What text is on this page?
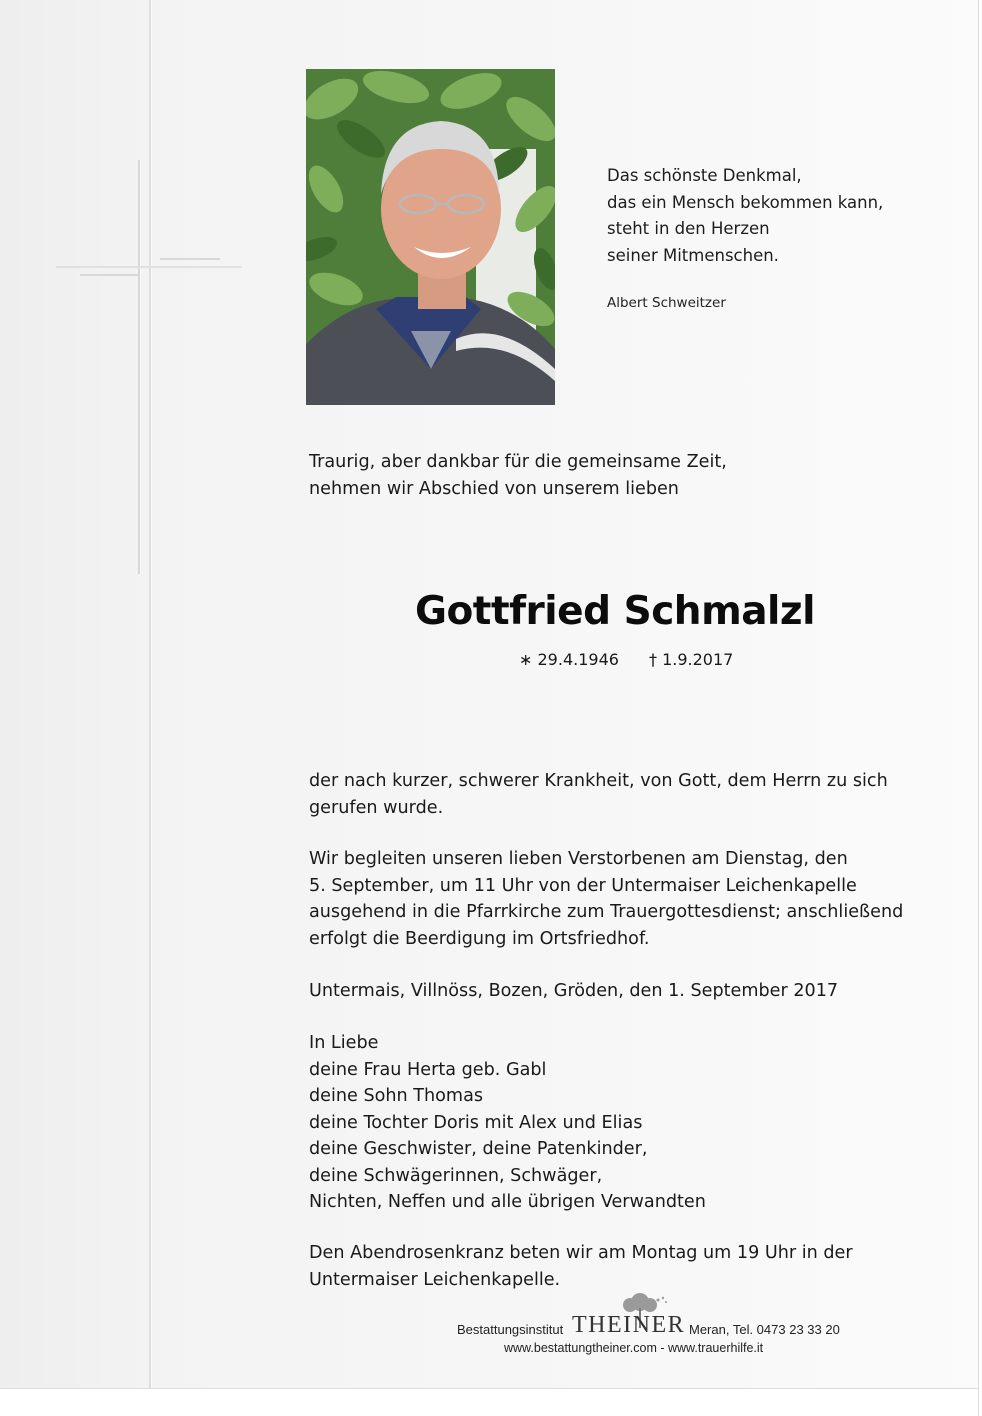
Das schönste Denkmal,
das ein Mensch bekommen kann,
steht in den Herzen
seiner Mitmenschen.
Albert Schweitzer
Traurig, aber dankbar für die gemeinsame Zeit,
nehmen wir Abschied von unserem lieben
Gottfried Schmalzl
∗ 29.4.1946 † 1.9.2017
der nach kurzer, schwerer Krankheit, von Gott, dem Herrn zu sich
gerufen wurde.
Wir begleiten unseren lieben Verstorbenen am Dienstag, den
5. September, um 11 Uhr von der Untermaiser Leichenkapelle
ausgehend in die Pfarrkirche zum Trauergottesdienst; anschließend
erfolgt die Beerdigung im Ortsfriedhof.
Untermais, Villnöss, Bozen, Gröden, den 1. September 2017
In Liebe
deine Frau Herta geb. Gabl
deine Sohn Thomas
deine Tochter Doris mit Alex und Elias
deine Geschwister, deine Patenkinder,
deine Schwägerinnen, Schwäger,
Nichten, Neffen und alle übrigen Verwandten
Den Abendrosenkranz beten wir am Montag um 19 Uhr in der
Untermaiser Leichenkapelle.
Bestattungsinstitut THEINER Meran, Tel. 0473 23 33 20
www.bestattungtheiner.com - www.trauerhilfe.it
